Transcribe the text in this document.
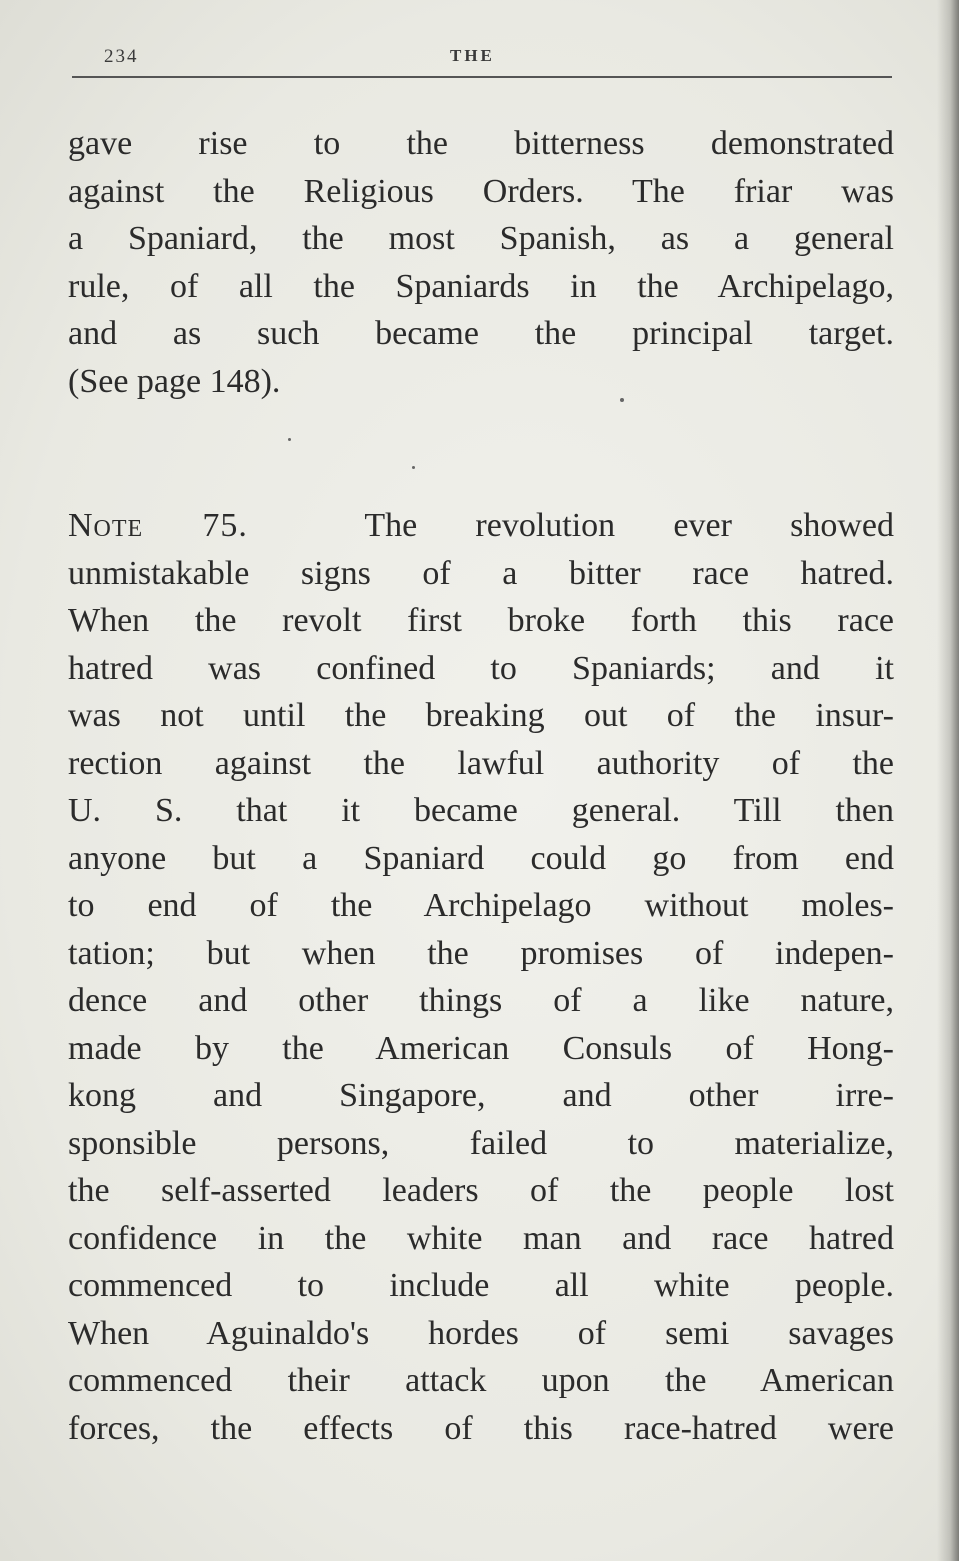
234	THE
gave rise to the bitterness demonstrated
against the Religious Orders. The friar was
a Spaniard, the most Spanish, as a general
rule, of all the Spaniards in the Archipelago,
and as such became the principal target.
(See page 148).
Note 75.	The revolution ever showed
unmistakable signs of a bitter race hatred.
When the revolt first broke forth this race
hatred was confined to Spaniards; and it
was not until the breaking out of the insur-
rection against the lawful authority of the
U. S. that it became general. Till then
anyone but a Spaniard could go from end
to end of the Archipelago without moles-
tation; but when the promises of indepen-
dence and other things of a like nature,
made by the American Consuls of Hong-
kong and Singapore, and other irre-
sponsible persons, failed to materialize,
the self-asserted leaders of the people lost
confidence in the white man and race hatred
commenced to include all white people.
When Aguinaldo's hordes of semi savages
commenced their attack upon the American
forces, the effects of this race-hatred were
